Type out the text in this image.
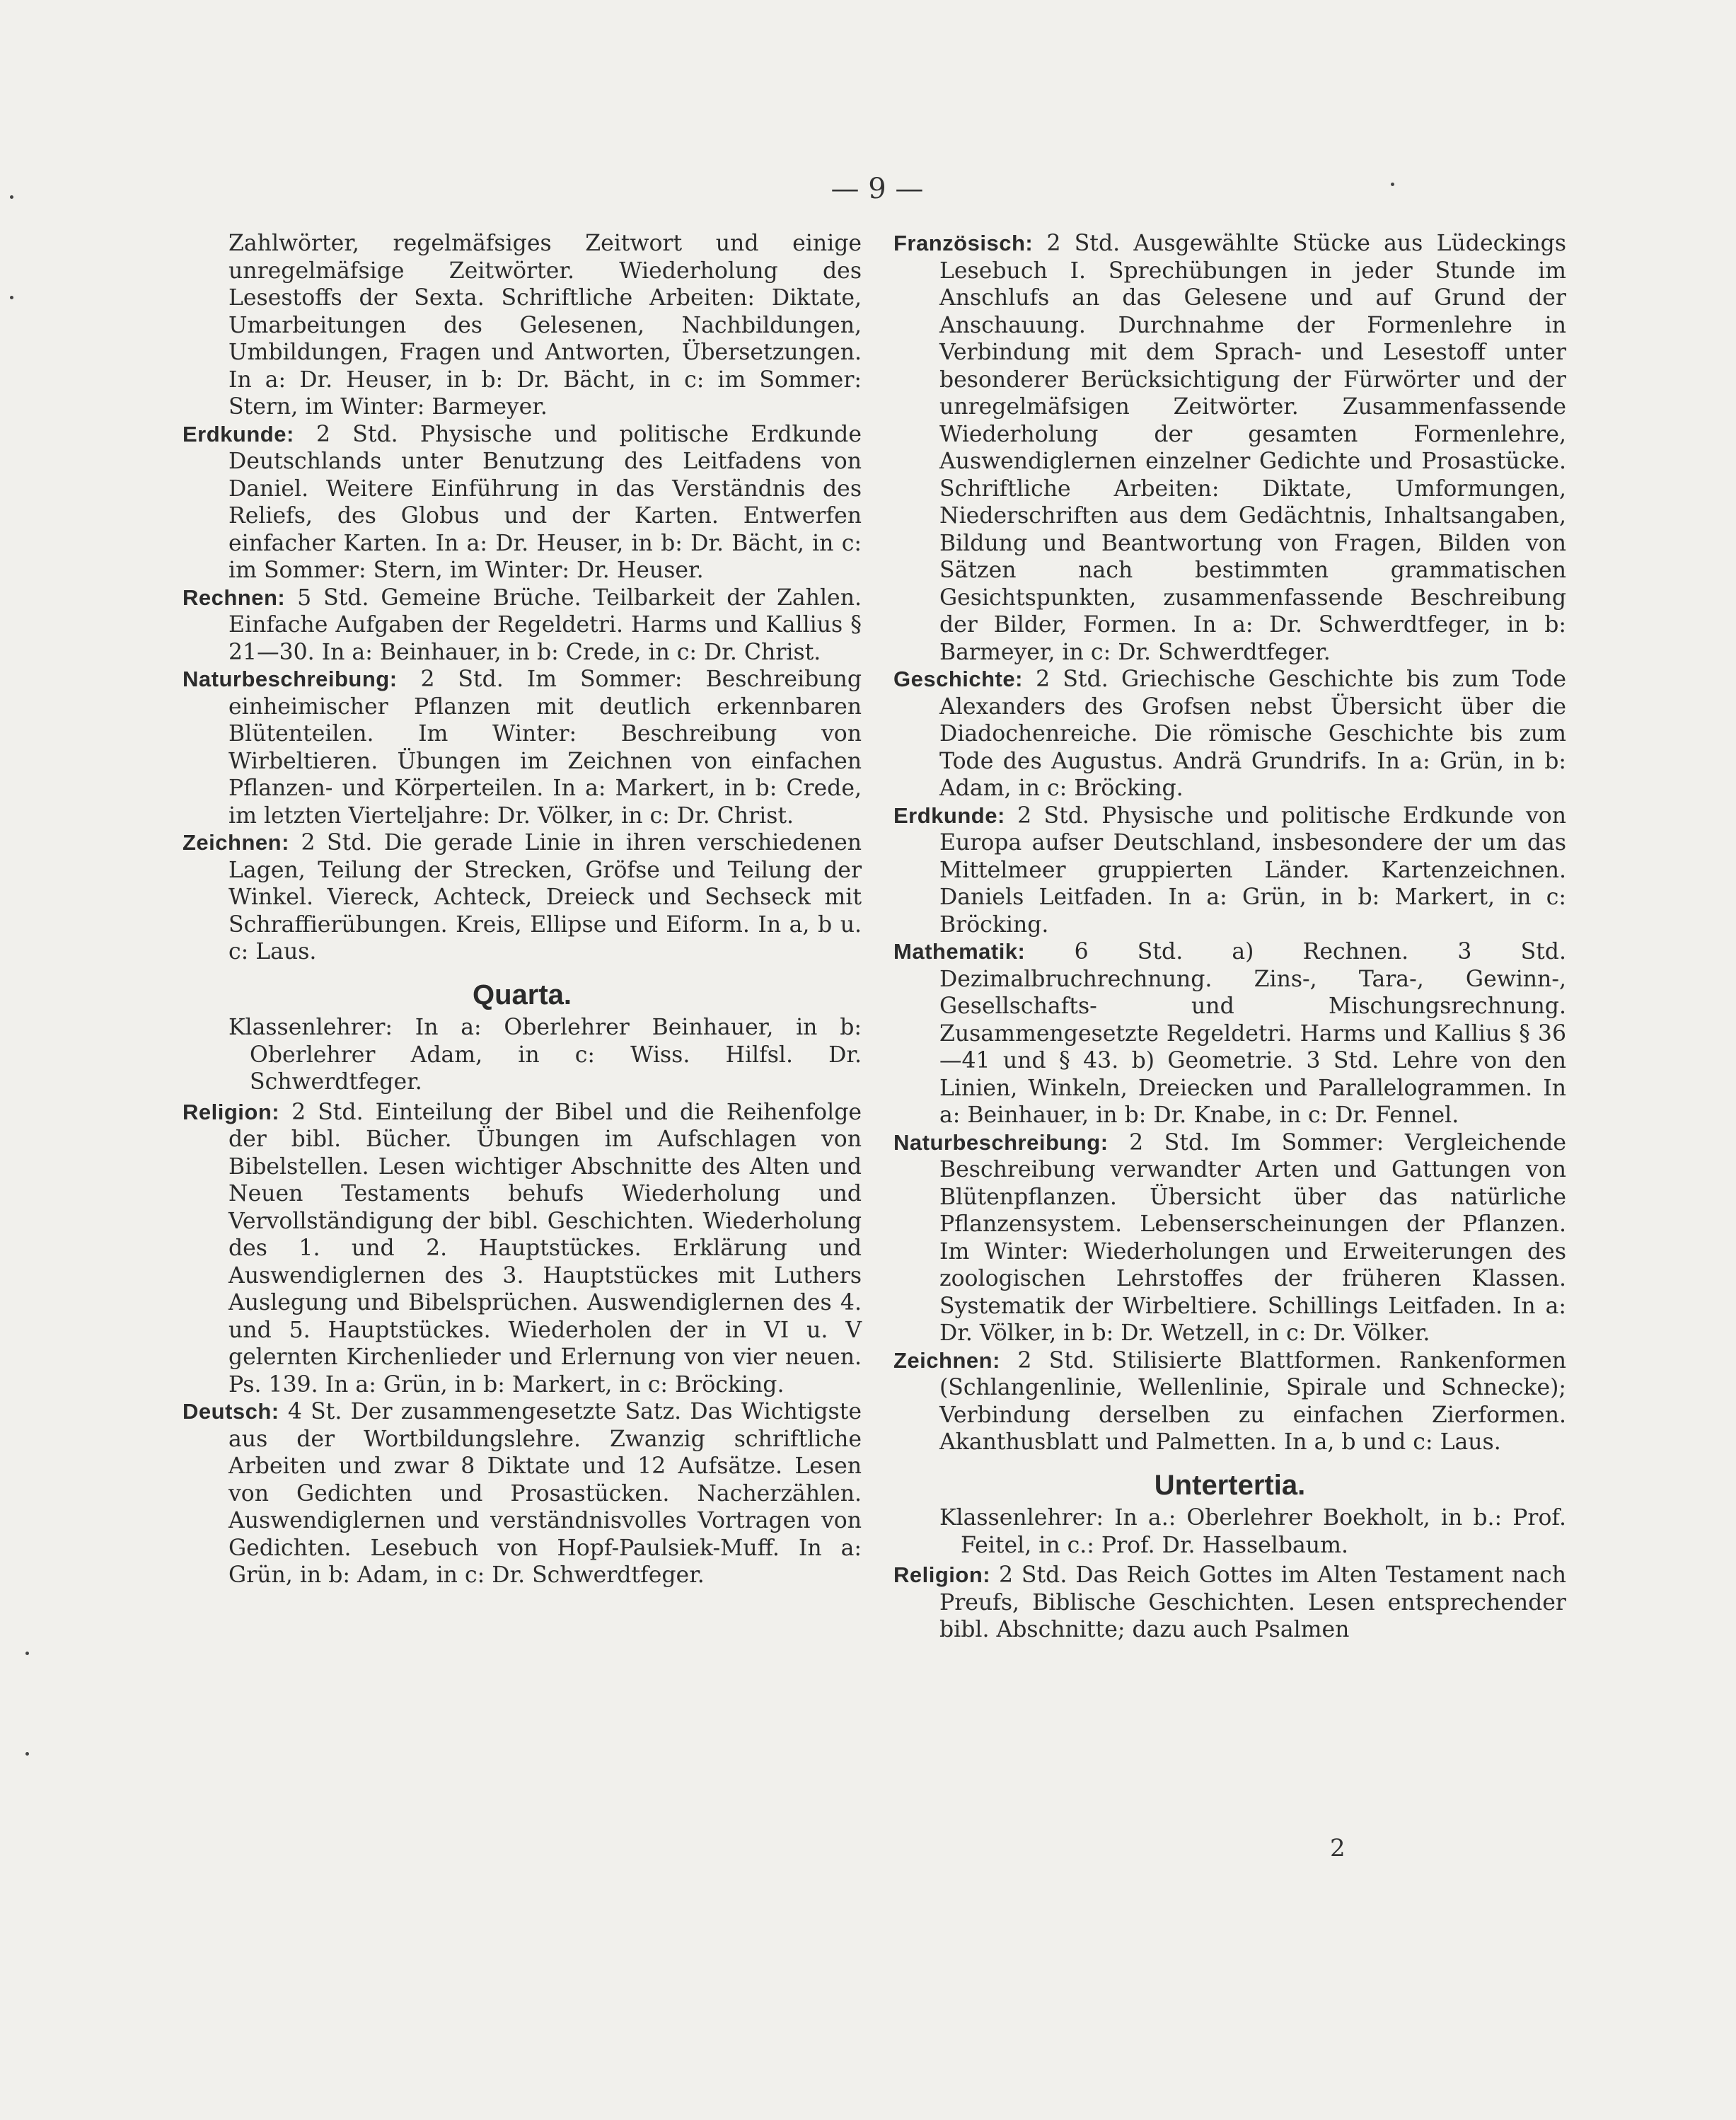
— 9 —

Zahlwörter, regelmäfsiges Zeitwort und einige unregelmäfsige Zeitwörter. Wiederholung des Lesestoffs der Sexta. Schriftliche Arbeiten: Diktate, Umarbeitungen des Gelesenen, Nachbildungen, Umbildungen, Fragen und Antworten, Übersetzungen. In a: Dr. Heuser, in b: Dr. Bächt, in c: im Sommer: Stern, im Winter: Barmeyer.

Erdkunde: 2 Std. Physische und politische Erdkunde Deutschlands unter Benutzung des Leitfadens von Daniel. Weitere Einführung in das Verständnis des Reliefs, des Globus und der Karten. Entwerfen einfacher Karten. In a: Dr. Heuser, in b: Dr. Bächt, in c: im Sommer: Stern, im Winter: Dr. Heuser.

Rechnen: 5 Std. Gemeine Brüche. Teilbarkeit der Zahlen. Einfache Aufgaben der Regeldetri. Harms und Kallius § 21—30. In a: Beinhauer, in b: Crede, in c: Dr. Christ.

Naturbeschreibung: 2 Std. Im Sommer: Beschreibung einheimischer Pflanzen mit deutlich erkennbaren Blütenteilen. Im Winter: Beschreibung von Wirbeltieren. Übungen im Zeichnen von einfachen Pflanzen- und Körperteilen. In a: Markert, in b: Crede, im letzten Vierteljahre: Dr. Völker, in c: Dr. Christ.

Zeichnen: 2 Std. Die gerade Linie in ihren verschiedenen Lagen, Teilung der Strecken, Gröfse und Teilung der Winkel. Viereck, Achteck, Dreieck und Sechseck mit Schraffierübungen. Kreis, Ellipse und Eiform. In a, b u. c: Laus.

Quarta.

Klassenlehrer: In a: Oberlehrer Beinhauer, in b: Oberlehrer Adam, in c: Wiss. Hilfsl. Dr. Schwerdtfeger.

Religion: 2 Std. Einteilung der Bibel und die Reihenfolge der bibl. Bücher. Übungen im Aufschlagen von Bibelstellen. Lesen wichtiger Abschnitte des Alten und Neuen Testaments behufs Wiederholung und Vervollständigung der bibl. Geschichten. Wiederholung des 1. und 2. Hauptstückes. Erklärung und Auswendiglernen des 3. Hauptstückes mit Luthers Auslegung und Bibelsprüchen. Auswendiglernen des 4. und 5. Hauptstückes. Wiederholen der in VI u. V gelernten Kirchenlieder und Erlernung von vier neuen. Ps. 139. In a: Grün, in b: Markert, in c: Bröcking.

Deutsch: 4 St. Der zusammengesetzte Satz. Das Wichtigste aus der Wortbildungslehre. Zwanzig schriftliche Arbeiten und zwar 8 Diktate und 12 Aufsätze. Lesen von Gedichten und Prosastücken. Nacherzählen. Auswendiglernen und verständnisvolles Vortragen von Gedichten. Lesebuch von Hopf-Paulsiek-Muff. In a: Grün, in b: Adam, in c: Dr. Schwerdtfeger.

Französisch: 2 Std. Ausgewählte Stücke aus Lüdeckings Lesebuch I. Sprechübungen in jeder Stunde im Anschlufs an das Gelesene und auf Grund der Anschauung. Durchnahme der Formenlehre in Verbindung mit dem Sprach- und Lesestoff unter besonderer Berücksichtigung der Fürwörter und der unregelmäfsigen Zeitwörter. Zusammenfassende Wiederholung der gesamten Formenlehre, Auswendiglernen einzelner Gedichte und Prosastücke. Schriftliche Arbeiten: Diktate, Umformungen, Niederschriften aus dem Gedächtnis, Inhaltsangaben, Bildung und Beantwortung von Fragen, Bilden von Sätzen nach bestimmten grammatischen Gesichtspunkten, zusammenfassende Beschreibung der Bilder, Formen. In a: Dr. Schwerdtfeger, in b: Barmeyer, in c: Dr. Schwerdtfeger.

Geschichte: 2 Std. Griechische Geschichte bis zum Tode Alexanders des Grofsen nebst Übersicht über die Diadochenreiche. Die römische Geschichte bis zum Tode des Augustus. Andrä Grundrifs. In a: Grün, in b: Adam, in c: Bröcking.

Erdkunde: 2 Std. Physische und politische Erdkunde von Europa aufser Deutschland, insbesondere der um das Mittelmeer gruppierten Länder. Kartenzeichnen. Daniels Leitfaden. In a: Grün, in b: Markert, in c: Bröcking.

Mathematik: 6 Std. a) Rechnen. 3 Std. Dezimalbruchrechnung. Zins-, Tara-, Gewinn-, Gesellschafts- und Mischungsrechnung. Zusammengesetzte Regeldetri. Harms und Kallius § 36—41 und § 43. b) Geometrie. 3 Std. Lehre von den Linien, Winkeln, Dreiecken und Parallelogrammen. In a: Beinhauer, in b: Dr. Knabe, in c: Dr. Fennel.

Naturbeschreibung: 2 Std. Im Sommer: Vergleichende Beschreibung verwandter Arten und Gattungen von Blütenpflanzen. Übersicht über das natürliche Pflanzensystem. Lebenserscheinungen der Pflanzen. Im Winter: Wiederholungen und Erweiterungen des zoologischen Lehrstoffes der früheren Klassen. Systematik der Wirbeltiere. Schillings Leitfaden. In a: Dr. Völker, in b: Dr. Wetzell, in c: Dr. Völker.

Zeichnen: 2 Std. Stilisierte Blattformen. Rankenformen (Schlangenlinie, Wellenlinie, Spirale und Schnecke); Verbindung derselben zu einfachen Zierformen. Akanthusblatt und Palmetten. In a, b und c: Laus.

Untertertia.

Klassenlehrer: In a.: Oberlehrer Boekholt, in b.: Prof. Feitel, in c.: Prof. Dr. Hasselbaum.

Religion: 2 Std. Das Reich Gottes im Alten Testament nach Preufs, Biblische Geschichten. Lesen entsprechender bibl. Abschnitte; dazu auch Psalmen

2
